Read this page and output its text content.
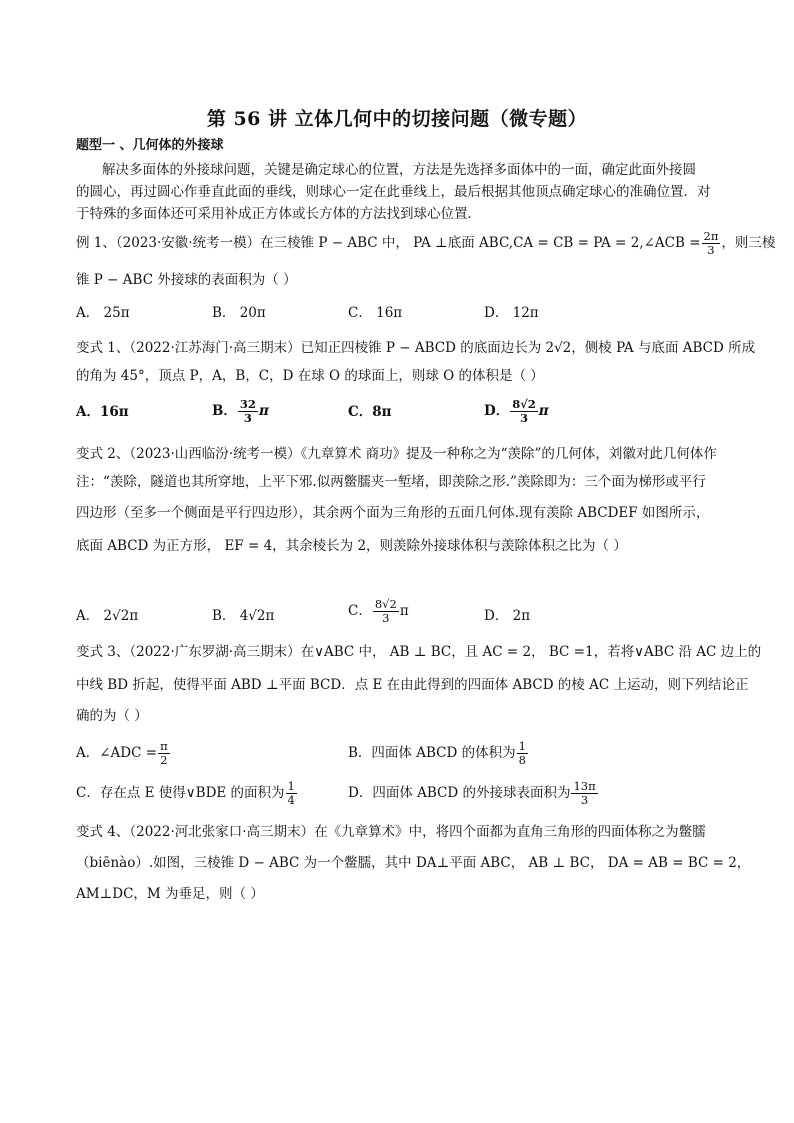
第 56 讲 立体几何中的切接问题（微专题）
题型一 、几何体的外接球
解决多面体的外接球问题，关键是确定球心的位置，方法是先选择多面体中的一面，确定此面外接圆
的圆心，再过圆心作垂直此面的垂线，则球心一定在此垂线上，最后根据其他顶点确定球心的准确位置．对
于特殊的多面体还可采用补成正方体或长方体的方法找到球心位置．
例 1、（2023·安徽·统考一模）在三棱锥 P − ABC 中， PA ⊥底面 ABC,CA = CB = PA = 2,∠ACB = $\frac{2\pi}{3}$ ，则三棱
锥 P − ABC 外接球的表面积为（ ）
A． 25π	B． 20π	C． 16π	D． 12π
变式 1、（2022·江苏海门·高三期末）已知正四棱锥 P − ABCD 的底面边长为 2√2，侧棱 PA 与底面 ABCD 所成
的角为 45°，顶点 P，A，B，C，D 在球 O 的球面上，则球 O 的体积是（ ）
A．16π	B． $\frac{32}{3}$ π	C．8π	D． $\frac{8√2}{3}$ π
变式 2、（2023·山西临汾·统考一模）《九章算术 商功》提及一种称之为“羡除”的几何体，刘徽对此几何体作
注：“羡除，隧道也其所穿地，上平下邪.似两鳖臑夹一堑堵，即羡除之形.”羡除即为：三个面为梯形或平行
四边形（至多一个侧面是平行四边形），其余两个面为三角形的五面几何体.现有羡除 ABCDEF 如图所示，
底面 ABCD 为正方形， EF = 4，其余棱长为 2，则羡除外接球体积与羡除体积之比为（ ）
A． 2√2π	B． 4√2π	C． $\frac{8√2}{3}$ π	D． 2π
变式 3、（2022·广东罗湖·高三期末）在∨ABC 中， AB ⊥ BC，且 AC = 2， BC =1，若将∨ABC 沿 AC 边上的
中线 BD 折起，使得平面 ABD ⊥平面 BCD．点 E 在由此得到的四面体 ABCD 的棱 AC 上运动，则下列结论正
确的为（ ）
A．∠ADC = $\frac{\pi}{2}$	B．四面体 ABCD 的体积为 $\frac{1}{8}$
C．存在点 E 使得∨BDE 的面积为 $\frac{1}{4}$	D．四面体 ABCD 的外接球表面积为 $\frac{13\pi}{3}$
变式 4、（2022·河北张家口·高三期末）在《九章算术》中，将四个面都为直角三角形的四面体称之为鳖臑
（biēnào）.如图，三棱锥 D − ABC 为一个鳖臑，其中 DA⊥平面 ABC， AB ⊥ BC， DA = AB = BC = 2，
AM⊥DC，M 为垂足，则（ ）
